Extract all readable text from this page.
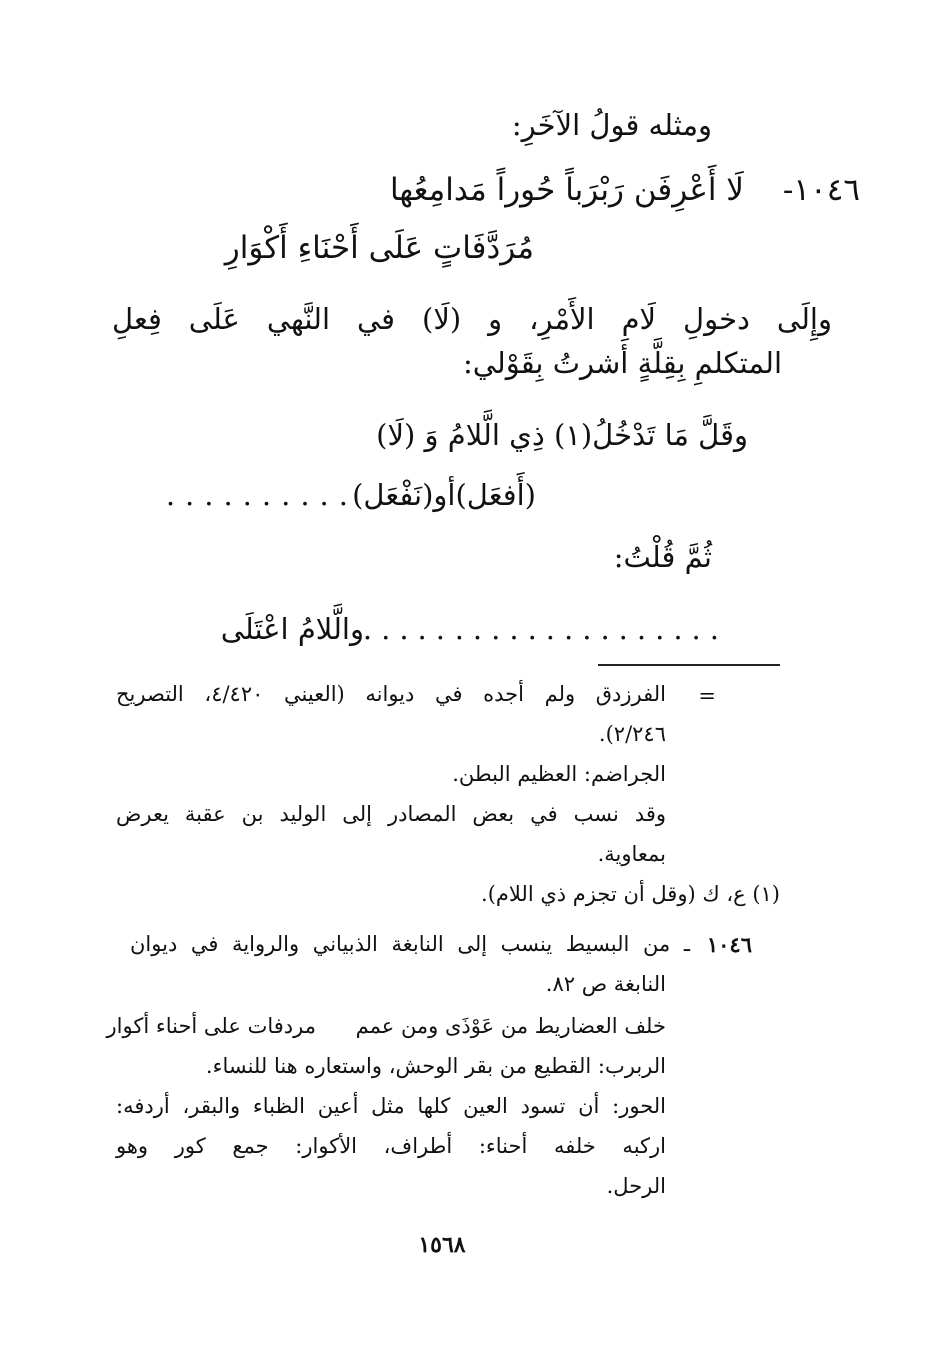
ومثله قولُ الآخَرِ:
١٠٤٦-
لَا أَعْرِفَن رَبْرَباً حُوراً مَدامِعُها
مُرَدَّفَاتٍ عَلَى أَحْنَاءِ أَكْوَارِ
وإِلَى دخولِ لَامِ الأَمْرِ، و (لَا) في النَّهي عَلَى فِعلِ
المتكلمِ بِقِلَّةٍ أشرتُ بِقَوْلي:
وقَلَّ مَا تَدْخُلُ(١) ذِي الَّلامُ وَ (لَا)
(أَفعَل)أو(نَفْعَل)
..........
ثُمَّ قُلْتُ:
والَّلامُ اعْتَلَى
..... ...............
=
الفرزدق ولم أجده في ديوانه (العيني ٤/٤٢٠، التصريح
٢/٢٤٦).
الجراضم: العظيم البطن.
وقد نسب في بعض المصادر إلى الوليد بن عقبة يعرض
بمعاوية.
(١) ع، ك (وقل أن تجزم ذي اللام).
١٠٤٦
ـ من البسيط ينسب إلى النابغة الذبياني والرواية في ديوان
النابغة ص ٨٢.
خلف العضاريط من عَوْذَى ومن عمم
مردفات على أحناء أكوار
الربرب: القطيع من بقر الوحش، واستعاره هنا للنساء.
الحور: أن تسود العين كلها مثل أعين الظباء والبقر، أردفه:
اركبه خلفه أحناء: أطراف، الأكوار: جمع كور وهو
الرحل.
١٥٦٨
